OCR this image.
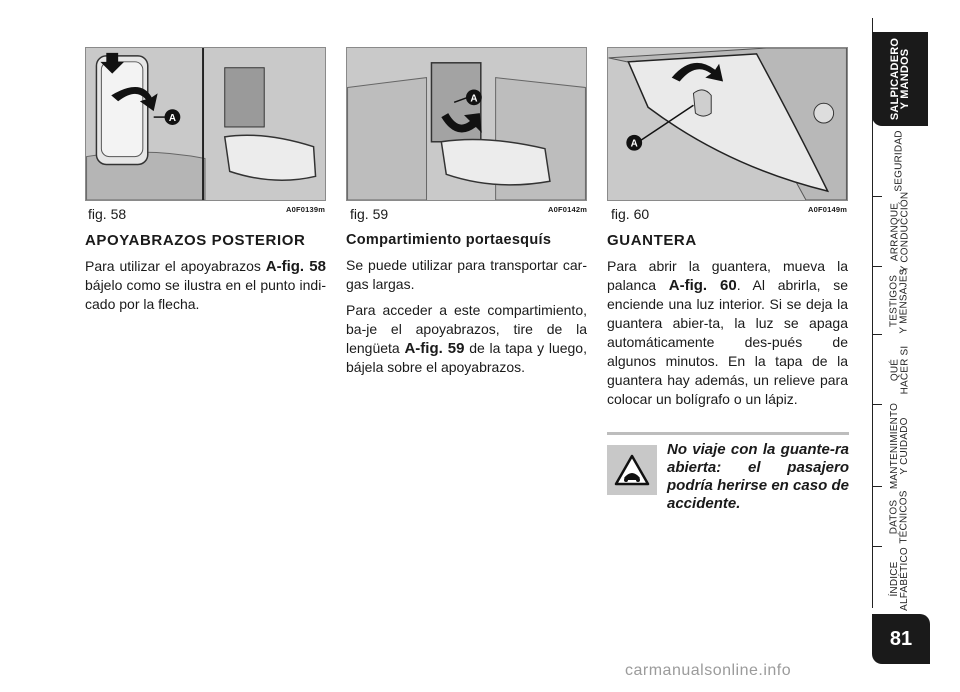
A
fig. 58	A0F0139m
A
fig. 59	A0F0142m
A
fig. 60	A0F0149m
APOYABRAZOS POSTERIOR

Para utilizar el apoyabrazos A-fig. 58 bájelo como se ilustra en el punto indi-cado por la flecha.

Compartimiento portaesquís

Se puede utilizar para transportar car-gas largas.

Para acceder a este compartimiento, ba-je el apoyabrazos, tire de la lengüeta A-fig. 59 de la tapa y luego, bájela sobre el apoyabrazos.

GUANTERA

Para abrir la guantera, mueva la palanca A-fig. 60. Al abrirla, se enciende una luz interior. Si se deja la guantera abier-ta, la luz se apaga automáticamente des-pués de algunos minutos. En la tapa de la guantera hay además, un relieve para colocar un bolígrafo o un lápiz.

No viaje con la guante-ra abierta: el pasajero podría herirse en caso de accidente.

SALPICADERO
Y MANDOS
SEGURIDAD
ARRANQUE
Y CONDUCCIÓN
TESTIGOS
Y MENSAJES
QUÉ
HACER SI
MANTENIMIENTO
Y CUIDADO
DATOS
TÉCNICOS
ÍNDICE
ALFABÉTICO
81
carmanualsonline.info
